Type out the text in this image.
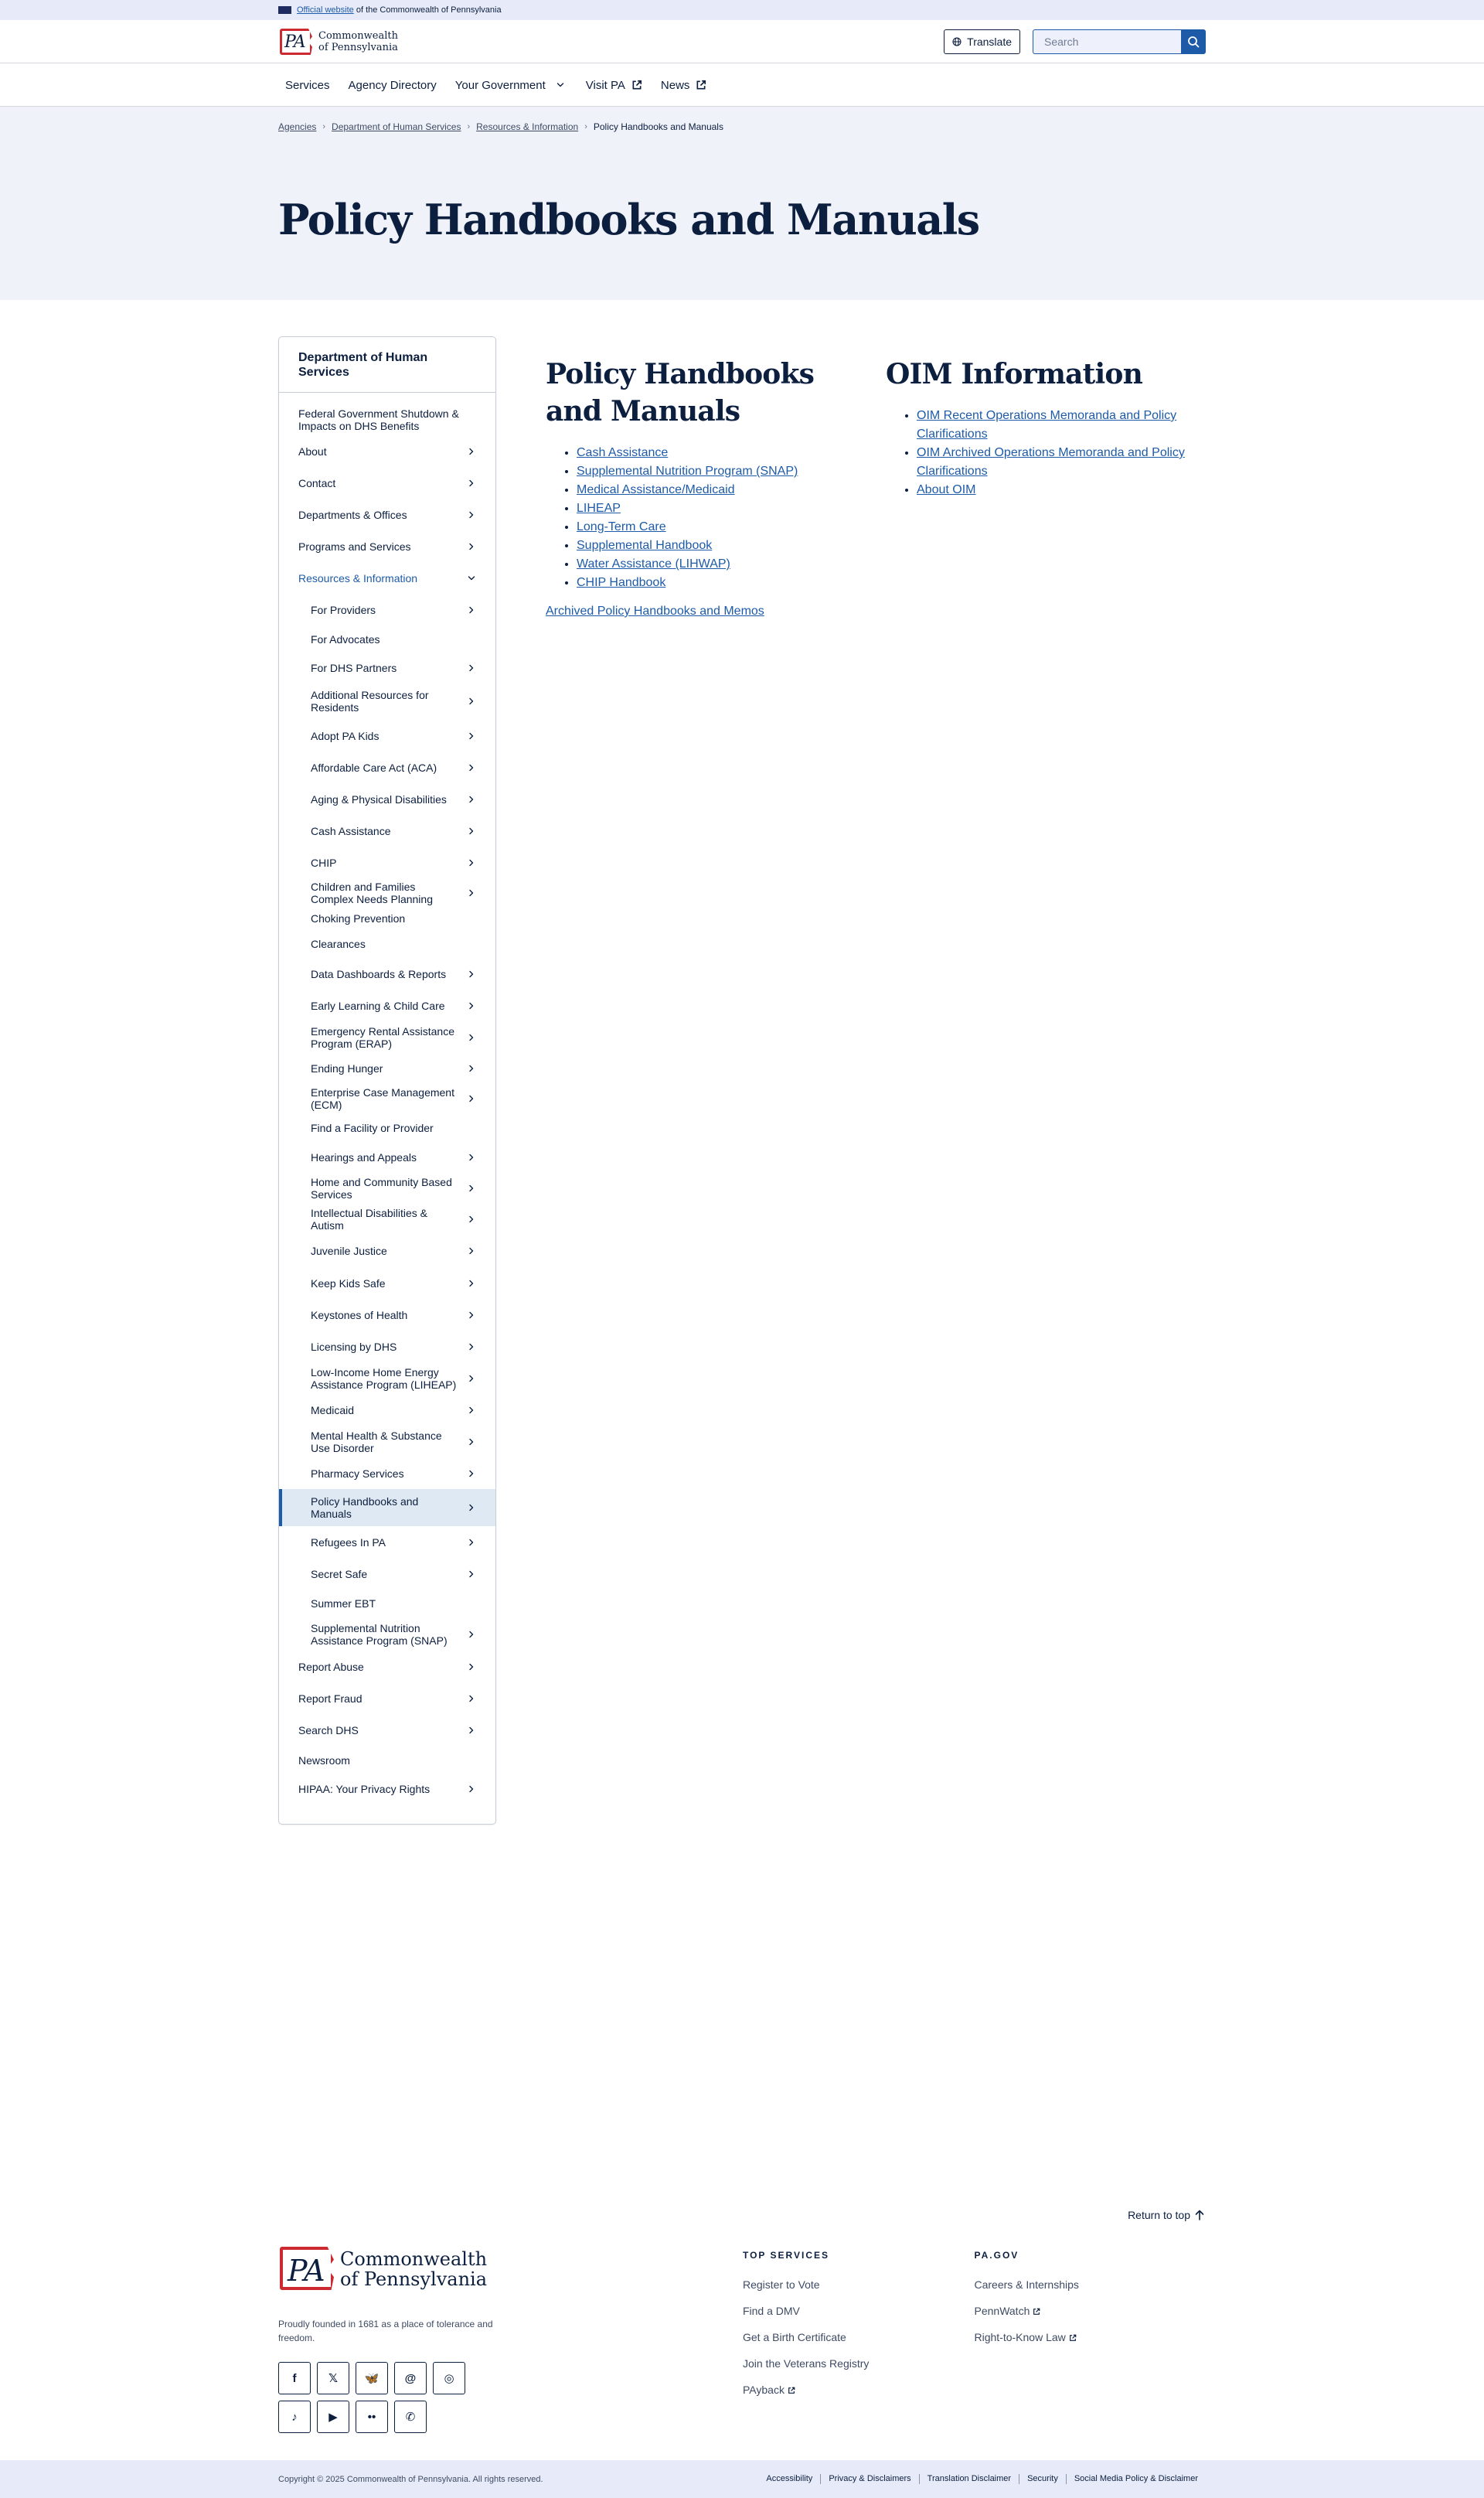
Official website of the Commonwealth of Pennsylvania
PA Commonwealth
of Pennsylvania	Translate
Search
Services Agency Directory Your Government	Visit PA	News
Agencies › Department of Human Services › Resources & Information › Policy Handbooks and Manuals
Policy Handbooks and Manuals
Department of Human Services
Federal Government Shutdown & Impacts on DHS Benefits
About
Contact
Departments & Offices
Programs and Services
Resources & Information
For Providers
For Advocates
For DHS Partners
Additional Resources for Residents
Adopt PA Kids
Affordable Care Act (ACA)
Aging & Physical Disabilities
Cash Assistance
CHIP
Children and Families Complex Needs Planning
Choking Prevention
Clearances
Data Dashboards & Reports
Early Learning & Child Care
Emergency Rental Assistance Program (ERAP)
Ending Hunger
Enterprise Case Management (ECM)
Find a Facility or Provider
Hearings and Appeals
Home and Community Based Services
Intellectual Disabilities & Autism
Juvenile Justice
Keep Kids Safe
Keystones of Health
Licensing by DHS
Low-Income Home Energy Assistance Program (LIHEAP)
Medicaid
Mental Health & Substance Use Disorder
Pharmacy Services
Policy Handbooks and Manuals
Refugees In PA
Secret Safe
Summer EBT
Supplemental Nutrition Assistance Program (SNAP)
Report Abuse
Report Fraud
Search DHS
Newsroom
HIPAA: Your Privacy Rights
Policy Handbooks and Manuals
• Cash Assistance
• Supplemental Nutrition Program (SNAP)
• Medical Assistance/Medicaid
• LIHEAP
• Long-Term Care
• Supplemental Handbook
• Water Assistance (LIHWAP)
• CHIP Handbook
Archived Policy Handbooks and Memos
OIM Information
• OIM Recent Operations Memoranda and Policy Clarifications
• OIM Archived Operations Memoranda and Policy Clarifications
• About OIM
Return to top
PA Commonwealth
of Pennsylvania

Proudly founded in 1681 as a place of tolerance and freedom.

f	𝕏 🦋 @ ◎
♪	▶	••	✆
TOP SERVICES
Register to Vote
Find a DMV
Get a Birth Certificate
Join the Veterans Registry
PAyback
PA.GOV
Careers & Internships
PennWatch
Right-to-Know Law
Copyright © 2025 Commonwealth of Pennsylvania. All rights reserved.	Accessibility	Privacy & Disclaimers	Translation Disclaimer	Security	Social Media Policy & Disclaimer
